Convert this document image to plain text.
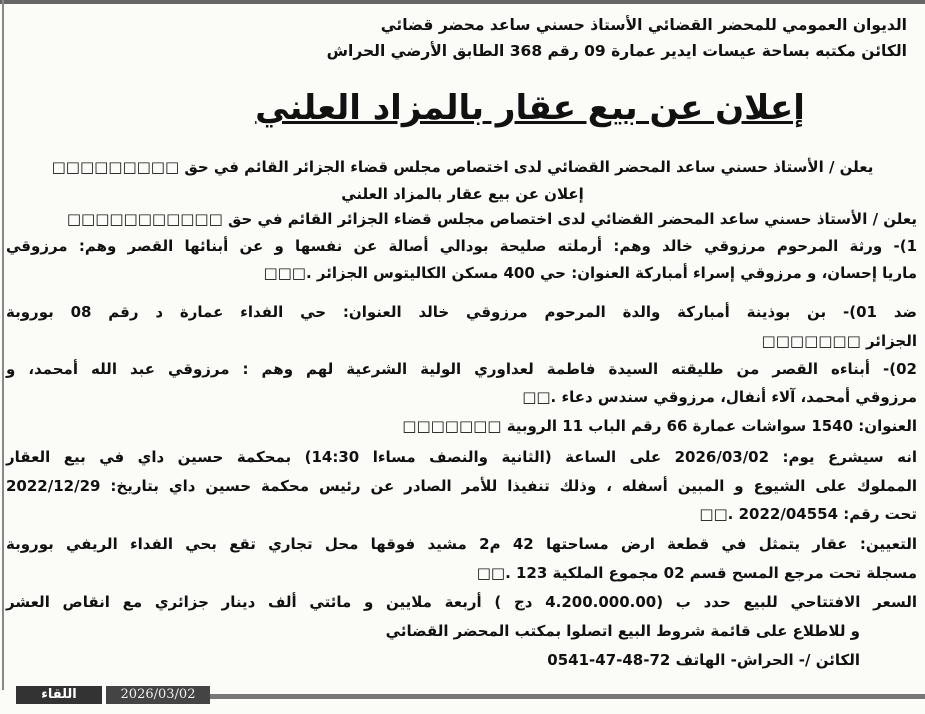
الديوان العمومي للمحضر القضائي الأستاذ حسني ساعد محضر قضائي
الكائن مكتبه بساحة عيسات ايدير عمارة 09 رقم 368 الطابق الأرضي الحراش
إعلان عن بيع عقار بالمزاد العلني
يعلن / الأستاذ حسني ساعد المحضر القضائي لدى اختصاص مجلس قضاء الجزائر القائم في حق □□□□□□□□□
إعلان عن بيع عقار بالمزاد العلني
يعلن / الأستاذ حسني ساعد المحضر القضائي لدى اختصاص مجلس قضاء الجزائر القائم في حق □□□□□□□□□□□
1)- ورثة المرحوم مرزوقي خالد وهم: أرملته صليحة بودالي أصالة عن نفسها و عن أبنائها القصر وهم: مرزوقي
ماريا إحسان، و مرزوقي إسراء أمباركة العنوان: حي 400 مسكن الكاليتوس الجزائر .□□□
ضد 01)- بن بوذينة أمباركة والدة المرحوم مرزوقي خالد العنوان: حي الفداء عمارة د رقم 08 بوروبة
الجزائر □□□□□□□
02)- أبناءه القصر من طليقته السيدة فاطمة لعداوري الولية الشرعية لهم وهم : مرزوقي عبد الله أمحمد، و
مرزوقي أمحمد، آلاء أنفال، مرزوقي سندس دعاء .□□
العنوان: 1540 سواشات عمارة 66 رقم الباب 11 الروبية □□□□□□□
انه سيشرع يوم: 2026/03/02 على الساعة (الثانية والنصف مساءا 14:30) بمحكمة حسين داي في بيع العقار
المملوك على الشيوع و المبين أسفله ، وذلك تنفيذا للأمر الصادر عن رئيس محكمة حسين داي بتاريخ: 2022/12/29
تحت رقم: 2022/04554 .□□
التعيين: عقار يتمثل في قطعة ارض مساحتها 42 م2 مشيد فوقها محل تجاري تقع بحي الفداء الريفي بوروبة
مسجلة تحت مرجع المسح قسم 02 مجموع الملكية 123 .□□
السعر الافتتاحي للبيع حدد ب (4.200.000.00 دج ) أربعة ملايين و مائتي ألف دينار جزائري مع انقاص العشر
و للاطلاع على قائمة شروط البيع اتصلوا بمكتب المحضر القضائي
الكائن /- الحراش- الهاتف 72-48-47-0541
اللقاء	2026/03/02
